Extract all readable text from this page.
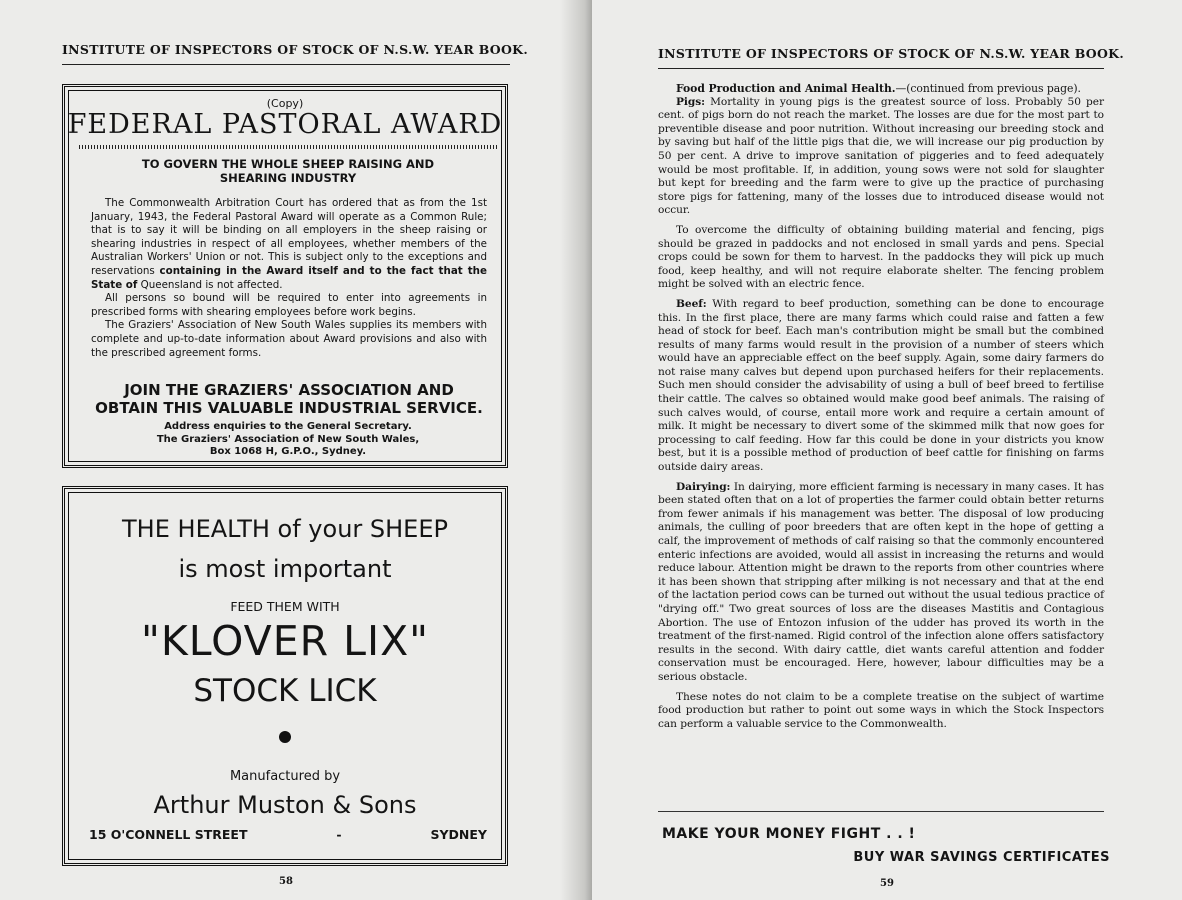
INSTITUTE OF INSPECTORS OF STOCK OF N.S.W. YEAR BOOK.
(Copy)
FEDERAL PASTORAL AWARD
TO GOVERN THE WHOLE SHEEP RAISING AND
SHEARING INDUSTRY

The Commonwealth Arbitration Court has ordered that as from the 1st January, 1943, the Federal Pastoral Award will operate as a Common Rule; that is to say it will be binding on all employers in the sheep raising or shearing industries in respect of all employees, whether members of the Australian Workers' Union or not. This is subject only to the exceptions and reservations containing in the Award itself and to the fact that the State of Queensland is not affected.

All persons so bound will be required to enter into agreements in prescribed forms with shearing employees before work begins.

The Graziers' Association of New South Wales supplies its members with complete and up-to-date information about Award provisions and also with the prescribed agreement forms.

JOIN THE GRAZIERS' ASSOCIATION AND
OBTAIN THIS VALUABLE INDUSTRIAL SERVICE.
Address enquiries to the General Secretary.
The Graziers' Association of New South Wales,
Box 1068 H, G.P.O., Sydney.
THE HEALTH of your SHEEP
is most important
FEED THEM WITH
"KLOVER LIX"
STOCK LICK
Manufactured by
Arthur Muston & Sons
15 O'CONNELL STREET	-	SYDNEY
58
INSTITUTE OF INSPECTORS OF STOCK OF N.S.W. YEAR BOOK.

Food Production and Animal Health.—(continued from previous page).

Pigs: Mortality in young pigs is the greatest source of loss. Probably 50 per cent. of pigs born do not reach the market. The losses are due for the most part to preventible disease and poor nutrition. Without increasing our breeding stock and by saving but half of the little pigs that die, we will increase our pig production by 50 per cent. A drive to improve sanitation of piggeries and to feed adequately would be most profitable. If, in addition, young sows were not sold for slaughter but kept for breeding and the farm were to give up the practice of purchasing store pigs for fattening, many of the losses due to introduced disease would not occur.

To overcome the difficulty of obtaining building material and fencing, pigs should be grazed in paddocks and not enclosed in small yards and pens. Special crops could be sown for them to harvest. In the paddocks they will pick up much food, keep healthy, and will not require elaborate shelter. The fencing problem might be solved with an electric fence.

Beef: With regard to beef production, something can be done to encourage this. In the first place, there are many farms which could raise and fatten a few head of stock for beef. Each man's contribution might be small but the combined results of many farms would result in the provision of a number of steers which would have an appreciable effect on the beef supply. Again, some dairy farmers do not raise many calves but depend upon purchased heifers for their replacements. Such men should consider the advisability of using a bull of beef breed to fertilise their cattle. The calves so obtained would make good beef animals. The raising of such calves would, of course, entail more work and require a certain amount of milk. It might be necessary to divert some of the skimmed milk that now goes for processing to calf feeding. How far this could be done in your districts you know best, but it is a possible method of production of beef cattle for finishing on farms outside dairy areas.

Dairying: In dairying, more efficient farming is necessary in many cases. It has been stated often that on a lot of properties the farmer could obtain better returns from fewer animals if his management was better. The disposal of low producing animals, the culling of poor breeders that are often kept in the hope of getting a calf, the improvement of methods of calf raising so that the commonly encountered enteric infections are avoided, would all assist in increasing the returns and would reduce labour. Attention might be drawn to the reports from other countries where it has been shown that stripping after milking is not necessary and that at the end of the lactation period cows can be turned out without the usual tedious practice of "drying off." Two great sources of loss are the diseases Mastitis and Contagious Abortion. The use of Entozon infusion of the udder has proved its worth in the treatment of the first-named. Rigid control of the infection alone offers satisfactory results in the second. With dairy cattle, diet wants careful attention and fodder conservation must be encouraged. Here, however, labour difficulties may be a serious obstacle.

These notes do not claim to be a complete treatise on the subject of wartime food production but rather to point out some ways in which the Stock Inspectors can perform a valuable service to the Commonwealth.

MAKE YOUR MONEY FIGHT . . !
BUY WAR SAVINGS CERTIFICATES
59
